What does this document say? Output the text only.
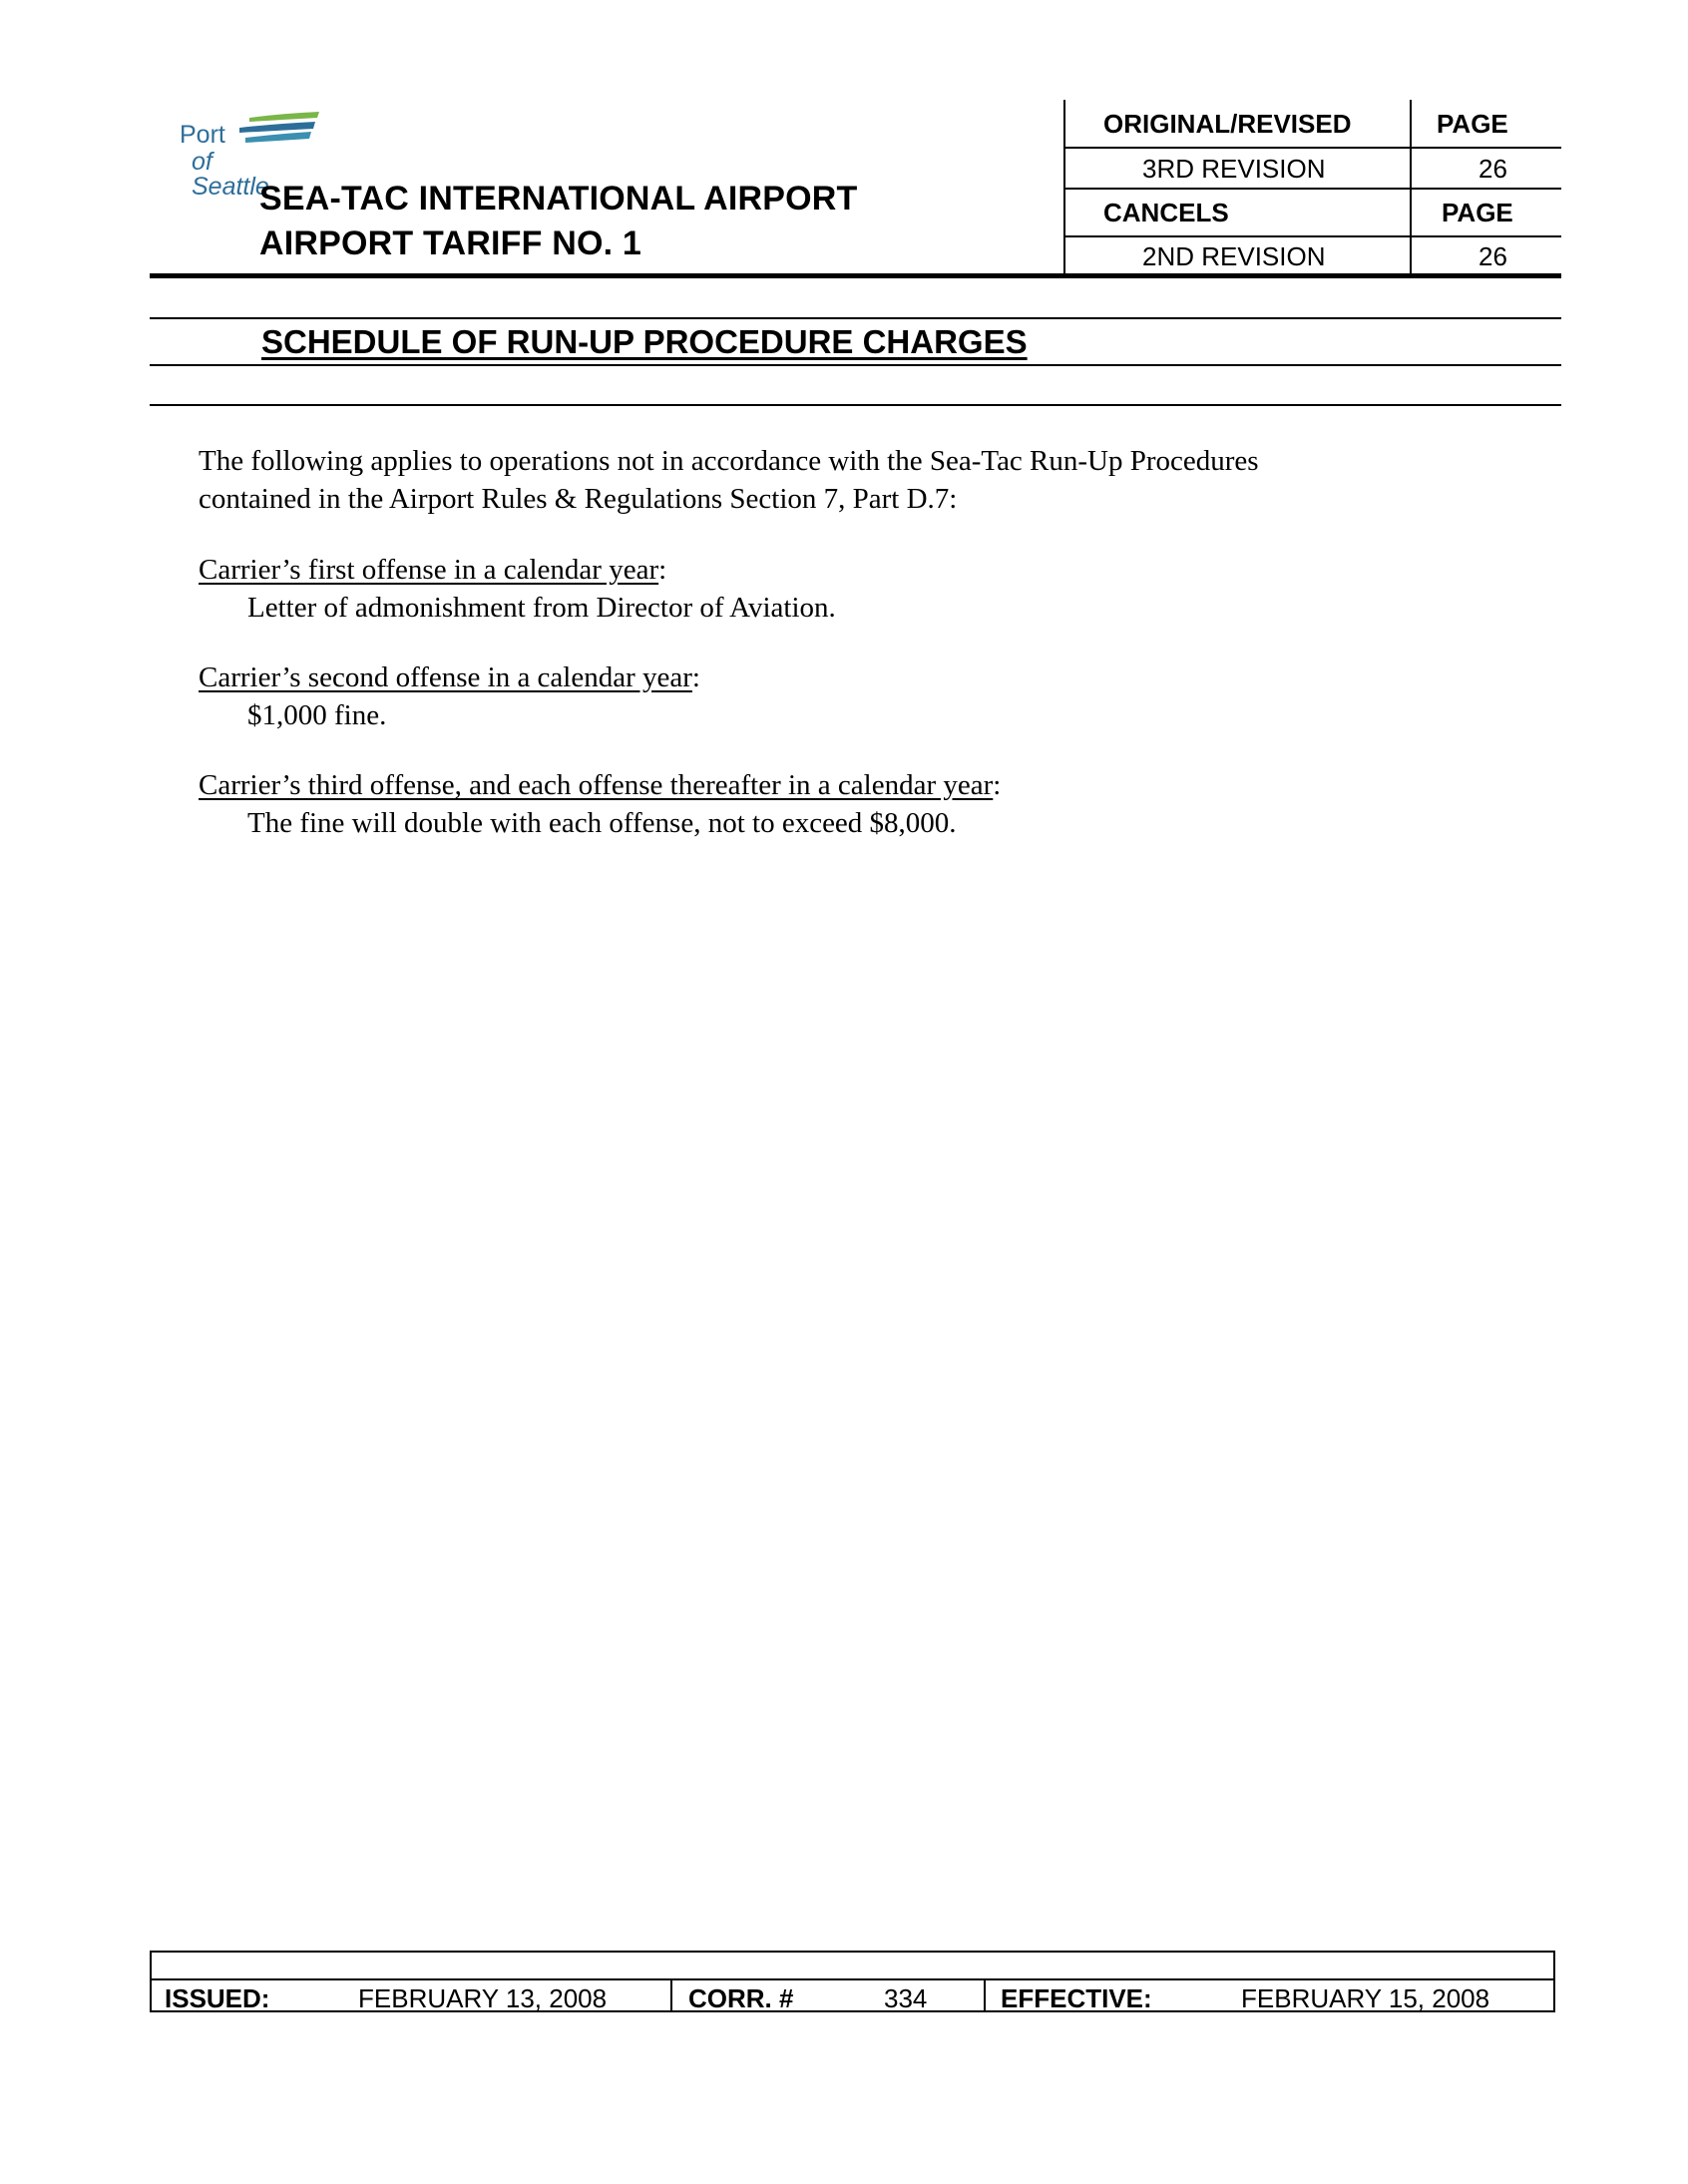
Port
of Seattle
SEA-TAC INTERNATIONAL AIRPORT
AIRPORT TARIFF NO. 1
ORIGINAL/REVISED	PAGE
3RD REVISION	26
CANCELS	PAGE
2ND REVISION	26
SCHEDULE OF RUN-UP PROCEDURE CHARGES
The following applies to operations not in accordance with the Sea-Tac Run-Up Procedures
contained in the Airport Rules & Regulations Section 7, Part D.7:
Carrier’s first offense in a calendar year:
Letter of admonishment from Director of Aviation.
Carrier’s second offense in a calendar year:
$1,000 fine.
Carrier’s third offense, and each offense thereafter in a calendar year:
The fine will double with each offense, not to exceed $8,000.
ISSUED:	FEBRUARY 13, 2008	CORR. #	334	EFFECTIVE:	FEBRUARY 15, 2008
